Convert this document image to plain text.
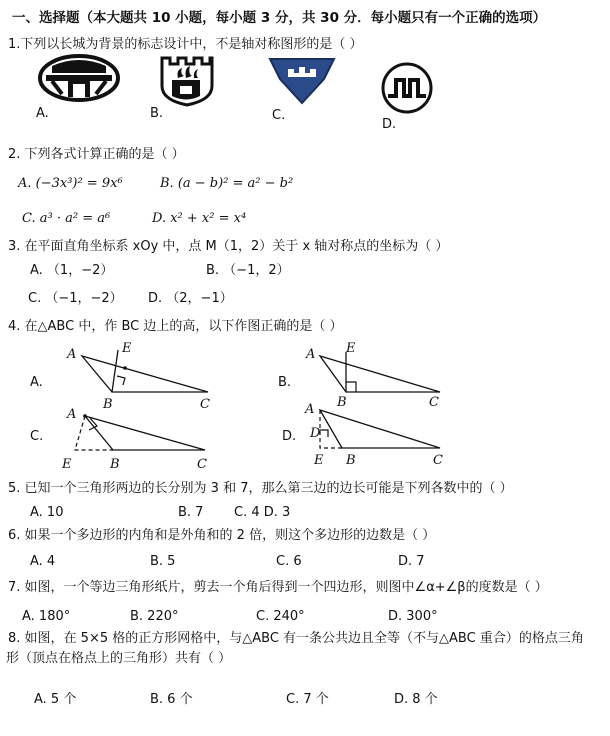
一、选择题（本大题共 10 小题，每小题 3 分，共 30 分．每小题只有一个正确的选项）
1.下列以长城为背景的标志设计中，不是轴对称图形的是（ ）
A.	B.	C.
D.
2. 下列各式计算正确的是（ ）
A. (−3x³)² = 9x⁶	B. (a − b)² = a² − b²
C. a³ · a² = a⁶	D. x² + x² = x⁴
3. 在平面直角坐标系 xOy 中，点 M（1，2）关于 x 轴对称点的坐标为（ ）
A. （1，−2）	B. （−1，2）
C. （−1，−2） D. （2，−1）
4. 在△ABC 中，作 BC 边上的高，以下作图正确的是（ ）
A.
A	E
B	C
B.
A E
B	C
C.
A
E	B	C
D.
A
D
E B	C
5. 已知一个三角形两边的长分别为 3 和 7，那么第三边的边长可能是下列各数中的（ ）
A. 10	B. 7 C. 4 D. 3
6. 如果一个多边形的内角和是外角和的 2 倍，则这个多边形的边数是（ ）
A. 4	B. 5	C. 6	D. 7
7. 如图，一个等边三角形纸片，剪去一个角后得到一个四边形，则图中∠α+∠β的度数是（ ）
A. 180°	B. 220°	C. 240°	D. 300°
8. 如图，在 5×5 格的正方形网格中，与△ABC 有一条公共边且全等（不与△ABC 重合）的格点三角
形（顶点在格点上的三角形）共有（ ）
A. 5 个	B. 6 个	C. 7 个	D. 8 个
